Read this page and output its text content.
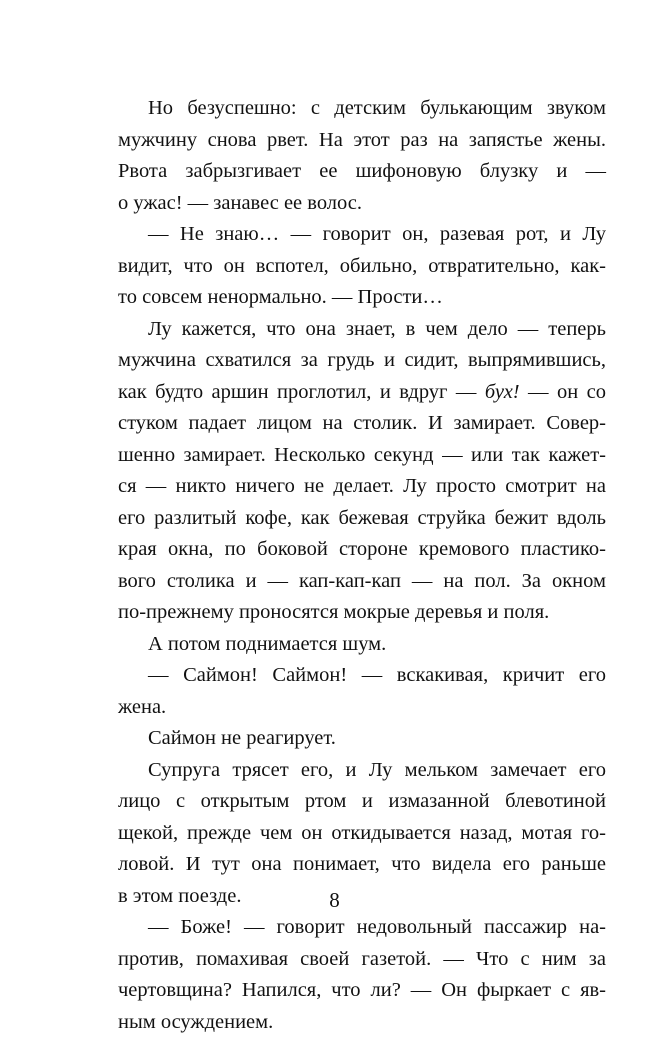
Но безуспешно: с детским булькающим звуком
мужчину снова рвет. На этот раз на запястье жены.
Рвота забрызгивает ее шифоновую блузку и —
о ужас! — занавес ее волос.
— Не знаю… — говорит он, разевая рот, и Лу
видит, что он вспотел, обильно, отвратительно, как-
то совсем ненормально. — Прости…
Лу кажется, что она знает, в чем дело — теперь
мужчина схватился за грудь и сидит, выпрямившись,
как будто аршин проглотил, и вдруг — бух! — он со
стуком падает лицом на столик. И замирает. Совер-
шенно замирает. Несколько секунд — или так кажет-
ся — никто ничего не делает. Лу просто смотрит на
его разлитый кофе, как бежевая струйка бежит вдоль
края окна, по боковой стороне кремового пластико-
вого столика и — кап-кап-кап — на пол. За окном
по-прежнему проносятся мокрые деревья и поля.
А потом поднимается шум.
— Саймон! Саймон! — вскакивая, кричит его
жена.
Саймон не реагирует.
Супруга трясет его, и Лу мельком замечает его
лицо с открытым ртом и измазанной блевотиной
щекой, прежде чем он откидывается назад, мотая го-
ловой. И тут она понимает, что видела его раньше
в этом поезде.
— Боже! — говорит недовольный пассажир на-
против, помахивая своей газетой. — Что с ним за
чертовщина? Напился, что ли? — Он фыркает с яв-
ным осуждением.
8
